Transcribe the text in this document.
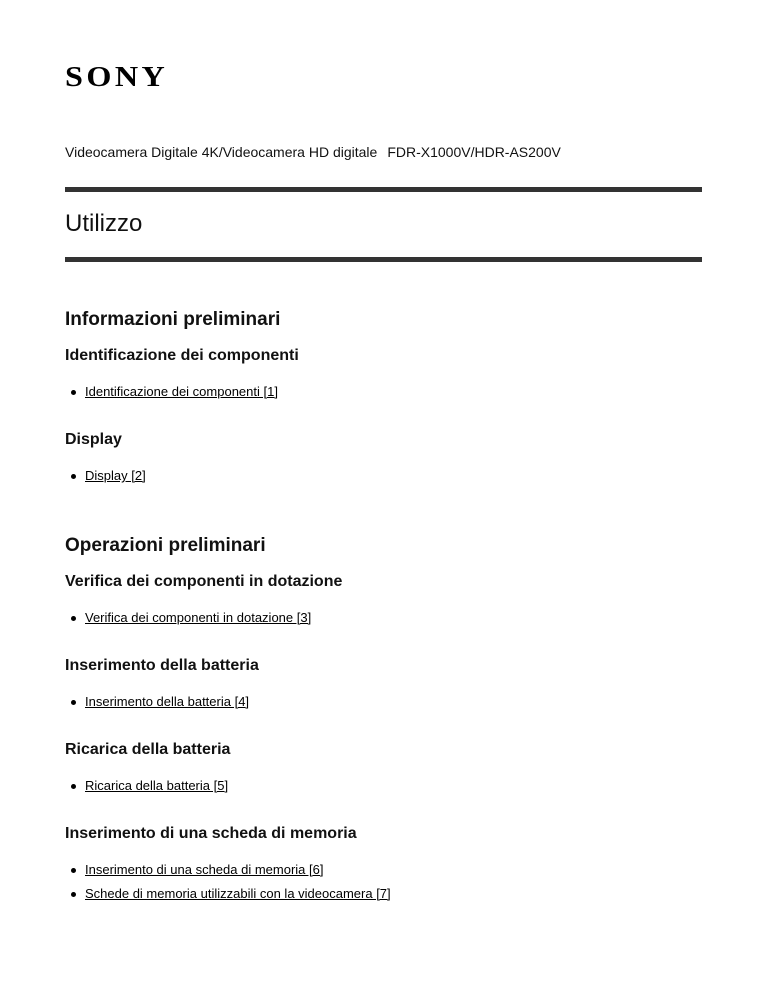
SONY
Videocamera Digitale 4K/Videocamera HD digitale FDR-X1000V/HDR-AS200V
Utilizzo
Informazioni preliminari
Identificazione dei componenti
Identificazione dei componenti [1]
Display
Display [2]
Operazioni preliminari
Verifica dei componenti in dotazione
Verifica dei componenti in dotazione [3]
Inserimento della batteria
Inserimento della batteria [4]
Ricarica della batteria
Ricarica della batteria [5]
Inserimento di una scheda di memoria
Inserimento di una scheda di memoria [6]
Schede di memoria utilizzabili con la videocamera [7]
